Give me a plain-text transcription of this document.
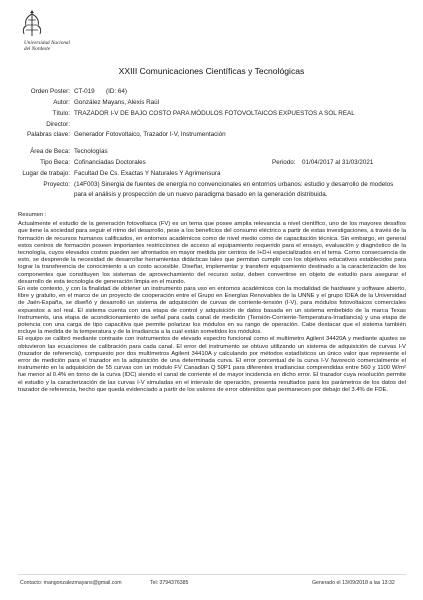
Universidad Nacional
del Nordeste
XXIII Comunicaciones Científicas y Tecnológicas
Orden Poster: CT-019 (ID: 64)
Autor: González Mayans, Alexis Raúl
Título: TRAZADOR I-V DE BAJO COSTO PARA MÓDULOS FOTOVOLTAICOS EXPUESTOS A SOL REAL
Director:
Palabras clave: Generador Fotovoltaico, Trazador I-V, Instrumentación
Área de Beca: Tecnologías
Tipo Beca: Cofinanciadas Doctorales	Periodo: 01/04/2017 al 31/03/2021
Lugar de trabajo: Facultad De Cs. Exactas Y Naturales Y Agrimensura
Proyecto: (14F003) Sinergia de fuentes de energía no convencionales en entornos urbanos: estudio y desarrollo de modelos
para el análisis y prospección de un nuevo paradigma basado en la generación distribuida.

Resumen :

Actualmente el estudio de la generación fotovoltaica (FV) es un tema que posee amplia relevancia a nivel científico, uno de los mayores desafíos que tiene la sociedad para seguir el ritmo del desarrollo, pese a los beneficios del consumo eléctrico a partir de estas investigaciones, a través de la formación de recursos humanos calificados, en entornos académicos como de nivel medio como de capacitación técnica. Sin embargo, en general estos centros de formación poseen importantes restricciones de acceso al equipamiento requerido para el ensayo, evaluación y diagnóstico de la tecnología, cuyos elevados costos pueden ser afrontados en mayor medida por centros de I+D+i especializados en el tema. Como consecuencia de esto, se desprende la necesidad de desarrollar herramientas didácticas tales que permitan cumplir con los objetivos educativos establecidos para lograr la transferencia de conocimiento a un costo accesible. Diseñar, implementar y transferir equipamiento destinado a la caracterización de los componentes que constituyen los sistemas de aprovechamiento del recurso solar, deben convertirse en objeto de estudio para asegurar el desarrollo de esta tecnología de generación limpia en el mundo.

En este contexto, y con la finalidad de obtener un instrumento para uso en entornos académicos con la modalidad de hardware y software abierto, libre y gratuito, en el marco de un proyecto de cooperación entre el Grupo en Energías Renovables de la UNNE y el grupo IDEA de la Universidad de Jaén-España, se diseñó y desarrolló un sistema de adquisición de curvas de corriente-tensión (I-V), para módulos fotovoltaicos comerciales expuestos a sol real. El sistema cuenta con una etapa de control y adquisición de datos basada en un sistema embebido de la marca Texas Instruments, una etapa de acondicionamiento de señal para cada canal de medición (Tensión-Corriente-Temperatura-Irradiancia) y una etapa de potencia con una carga de tipo capacitiva que permite polarizar los módulos en su rango de operación. Cabe destacar que el sistema también incluye la medida de la temperatura y de la irradiancia a la cual están sometidos los módulos.

El equipo se calibró mediante contraste con instrumentos de elevado espectro funcional como el multímetro Agilent 34420A y mediante ajustes se obtuvieron las ecuaciones de calibración para cada canal. El error del instrumento se obtuvo utilizando un sistema de adquisición de curvas I-V (trazador de referencia), compuesto por dos multímetros Agilent 34410A y calculando por métodos estadísticos un único valor que represente el error de medición para el trazador en la adquisición de una determinada curva. El error porcentual de la curva I-V favoreció comercialmente el instrumento en la adquisición de 55 curvas con un módulo FV Canadian Q 50P1 para diferentes irradiancias comprendidas entre 560 y 1100 W/m² fue menor al 0.4% en torno de la curva (IDC) siendo el canal de corriente el de mayor incidencia en dicho error. El trazador cuya resolución permite el estudio y la caracterización de las curvas I-V simuladas en el intervalo de operación, presenta resultados para los parámetros de los datos del trazador de referencia, hecho que queda evidenciado a partir de los valores de error obtenidos que permanecen por debajo del 3.4% de FDE.

Contacto: mangonzalezmayans@gmail.com	Tel: 3794376385	Generado el 13/09/2018 a las 13:32
